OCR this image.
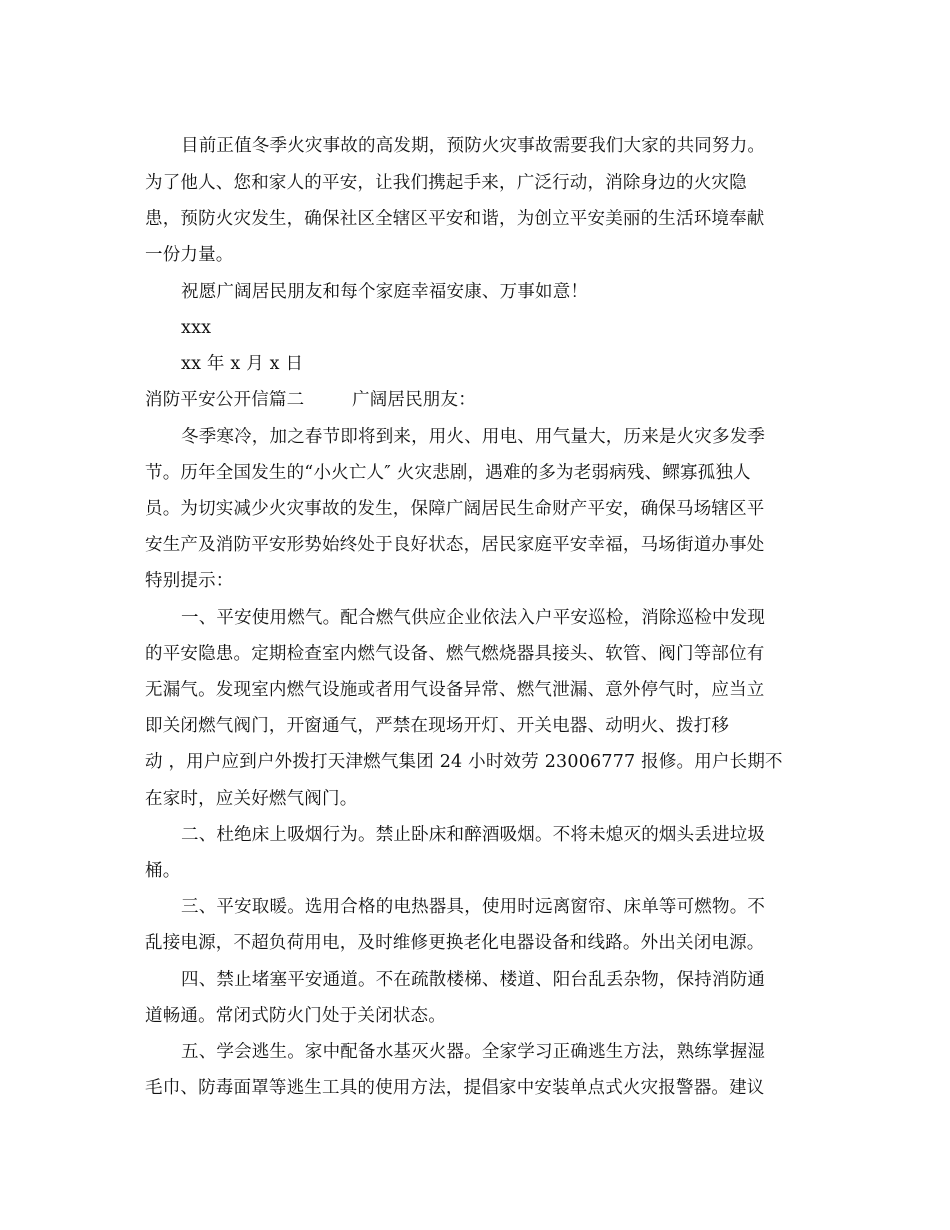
目前正值冬季火灾事故的高发期，预防火灾事故需要我们大家的共同努力。
为了他人、您和家人的平安，让我们携起手来，广泛行动，消除身边的火灾隐
患，预防火灾发生，确保社区全辖区平安和谐，为创立平安美丽的生活环境奉献
一份力量。
祝愿广阔居民朋友和每个家庭幸福安康、万事如意！
xxx
xx 年 x 月 x 日
消防平安公开信篇二	广阔居民朋友：
冬季寒冷，加之春节即将到来，用火、用电、用气量大，历来是火灾多发季
节。历年全国发生的“小火亡人″ 火灾悲剧，遇难的多为老弱病残、鳏寡孤独人
员。为切实减少火灾事故的发生，保障广阔居民生命财产平安，确保马场辖区平
安生产及消防平安形势始终处于良好状态，居民家庭平安幸福，马场街道办事处
特别提示：
一、平安使用燃气。配合燃气供应企业依法入户平安巡检，消除巡检中发现
的平安隐患。定期检查室内燃气设备、燃气燃烧器具接头、软管、阀门等部位有
无漏气。发现室内燃气设施或者用气设备异常、燃气泄漏、意外停气时，应当立
即关闭燃气阀门，开窗通气，严禁在现场开灯、开关电器、动明火、拨打移
动 ，用户应到户外拨打天津燃气集团 24 小时效劳 23006777 报修。用户长期不
在家时，应关好燃气阀门。
二、杜绝床上吸烟行为。禁止卧床和醉酒吸烟。不将未熄灭的烟头丢进垃圾
桶。
三、平安取暖。选用合格的电热器具，使用时远离窗帘、床单等可燃物。不
乱接电源，不超负荷用电，及时维修更换老化电器设备和线路。外出关闭电源。
四、禁止堵塞平安通道。不在疏散楼梯、楼道、阳台乱丢杂物，保持消防通
道畅通。常闭式防火门处于关闭状态。
五、学会逃生。家中配备水基灭火器。全家学习正确逃生方法，熟练掌握湿
毛巾、防毒面罩等逃生工具的使用方法，提倡家中安装单点式火灾报警器。建议
